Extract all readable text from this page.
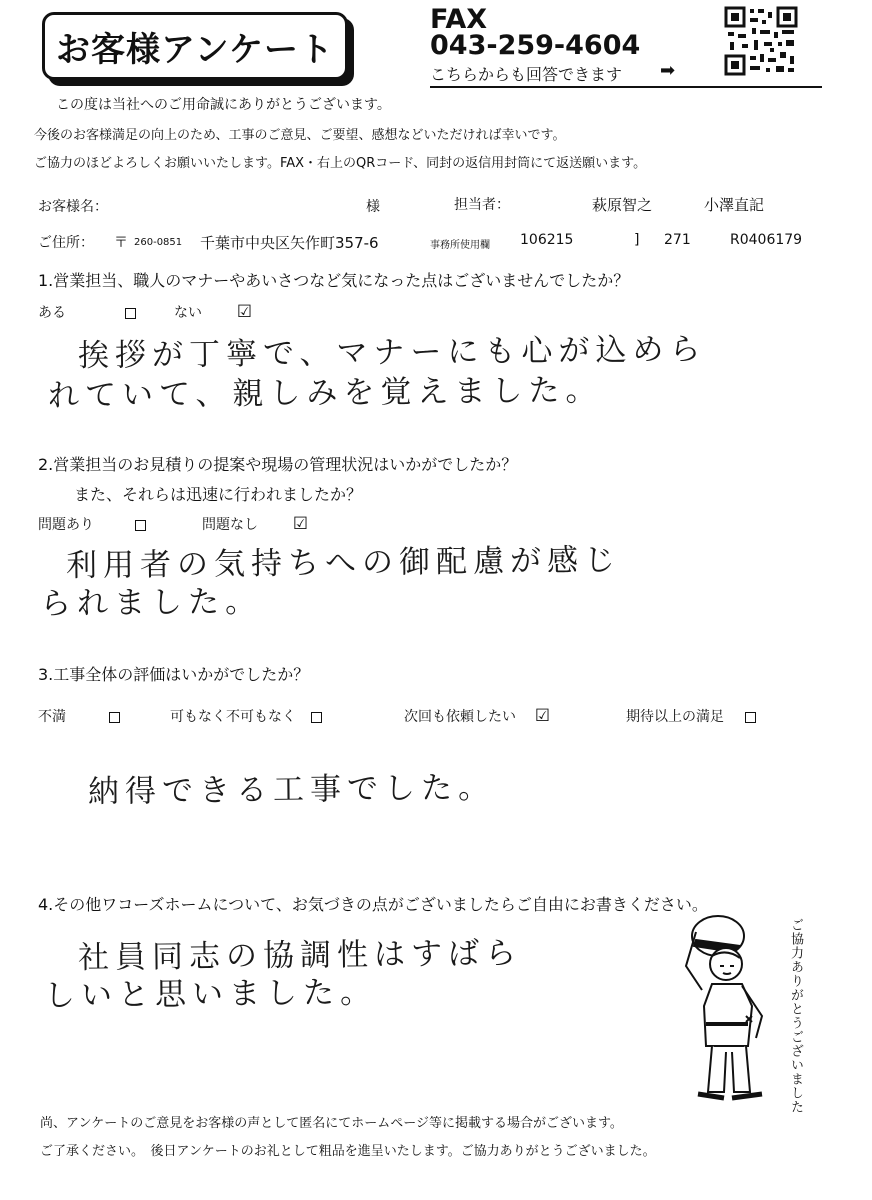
お客様アンケート
FAX
043-259-4604
こちらからも回答できます ➡
この度は当社へのご用命誠にありがとうございます。
今後のお客様満足の向上のため、工事のご意見、ご要望、感想などいただければ幸いです。
ご協力のほどよろしくお願いいたします。FAX・右上のQRコード、同封の返信用封筒にて返送願います。
お客様名：	様	担当者：	萩原智之	小澤直記
ご住所： 〒 260-0851 千葉市中央区矢作町357-6	事務所使用欄 106215	] 271	R0406179
1.営業担当、職人のマナーやあいさつなど気になった点はございませんでしたか？
ある	ない ☑
挨拶が丁寧で、マナーにも心が込めら
れていて、親しみを覚えました。
2.営業担当のお見積りの提案や現場の管理状況はいかがでしたか？
また、それらは迅速に行われましたか？
問題あり	問題なし ☑
利用者の気持ちへの御配慮が感じ
られました。
3.工事全体の評価はいかがでしたか？
不満	可もなく不可もなく	次回も依頼したい ☑	期待以上の満足
納得できる工事でした。
4.その他ワコーズホームについて、お気づきの点がございましたらご自由にお書きください。
社員同志の協調性はすばら
しいと思いました。	ご協力ありがとうございました
尚、アンケートのご意見をお客様の声として匿名にてホームページ等に掲載する場合がございます。
ご了承ください。　後日アンケートのお礼として粗品を進呈いたします。ご協力ありがとうございました。
